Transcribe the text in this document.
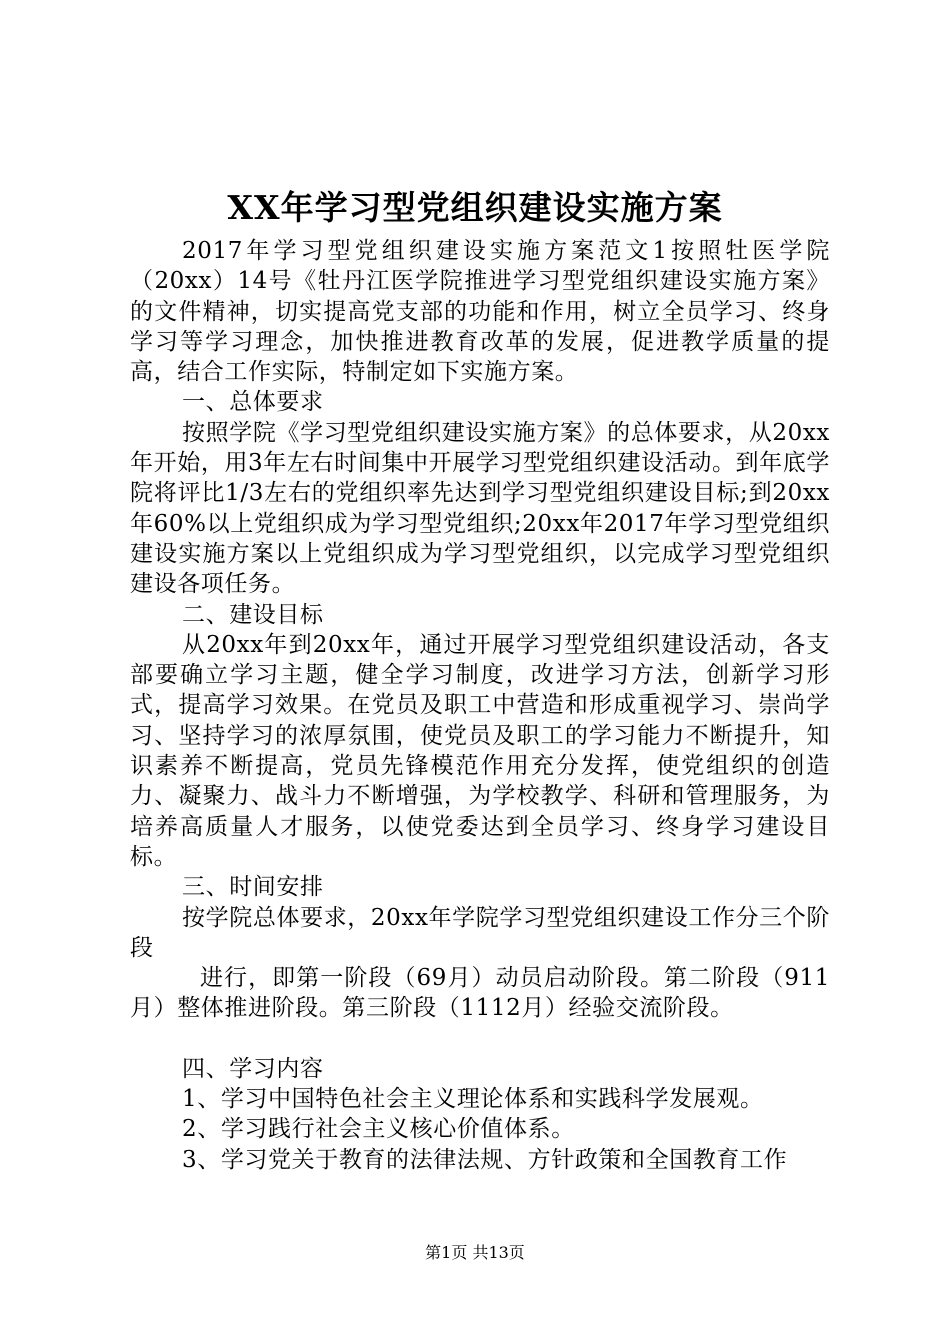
XX年学习型党组织建设实施方案

2017年学习型党组织建设实施方案范文1按照牡医学院（20xx）14号《牡丹江医学院推进学习型党组织建设实施方案》的文件精神，切实提高党支部的功能和作用，树立全员学习、终身学习等学习理念，加快推进教育改革的发展，促进教学质量的提高，结合工作实际，特制定如下实施方案。

一、总体要求

按照学院《学习型党组织建设实施方案》的总体要求，从20xx年开始，用3年左右时间集中开展学习型党组织建设活动。到年底学院将评比1/3左右的党组织率先达到学习型党组织建设目标;到20xx年60%以上党组织成为学习型党组织;20xx年2017年学习型党组织建设实施方案以上党组织成为学习型党组织，以完成学习型党组织建设各项任务。

二、建设目标

从20xx年到20xx年，通过开展学习型党组织建设活动，各支部要确立学习主题，健全学习制度，改进学习方法，创新学习形式，提高学习效果。在党员及职工中营造和形成重视学习、崇尚学习、坚持学习的浓厚氛围，使党员及职工的学习能力不断提升，知识素养不断提高，党员先锋模范作用充分发挥，使党组织的创造力、凝聚力、战斗力不断增强，为学校教学、科研和管理服务，为培养高质量人才服务，以使党委达到全员学习、终身学习建设目标。

三、时间安排

按学院总体要求，20xx年学院学习型党组织建设工作分三个阶段

进行，即第一阶段（69月）动员启动阶段。第二阶段（911月）整体推进阶段。第三阶段（1112月）经验交流阶段。

四、学习内容

1、学习中国特色社会主义理论体系和实践科学发展观。

2、学习践行社会主义核心价值体系。

3、学习党关于教育的法律法规、方针政策和全国教育工作

第1页 共13页
